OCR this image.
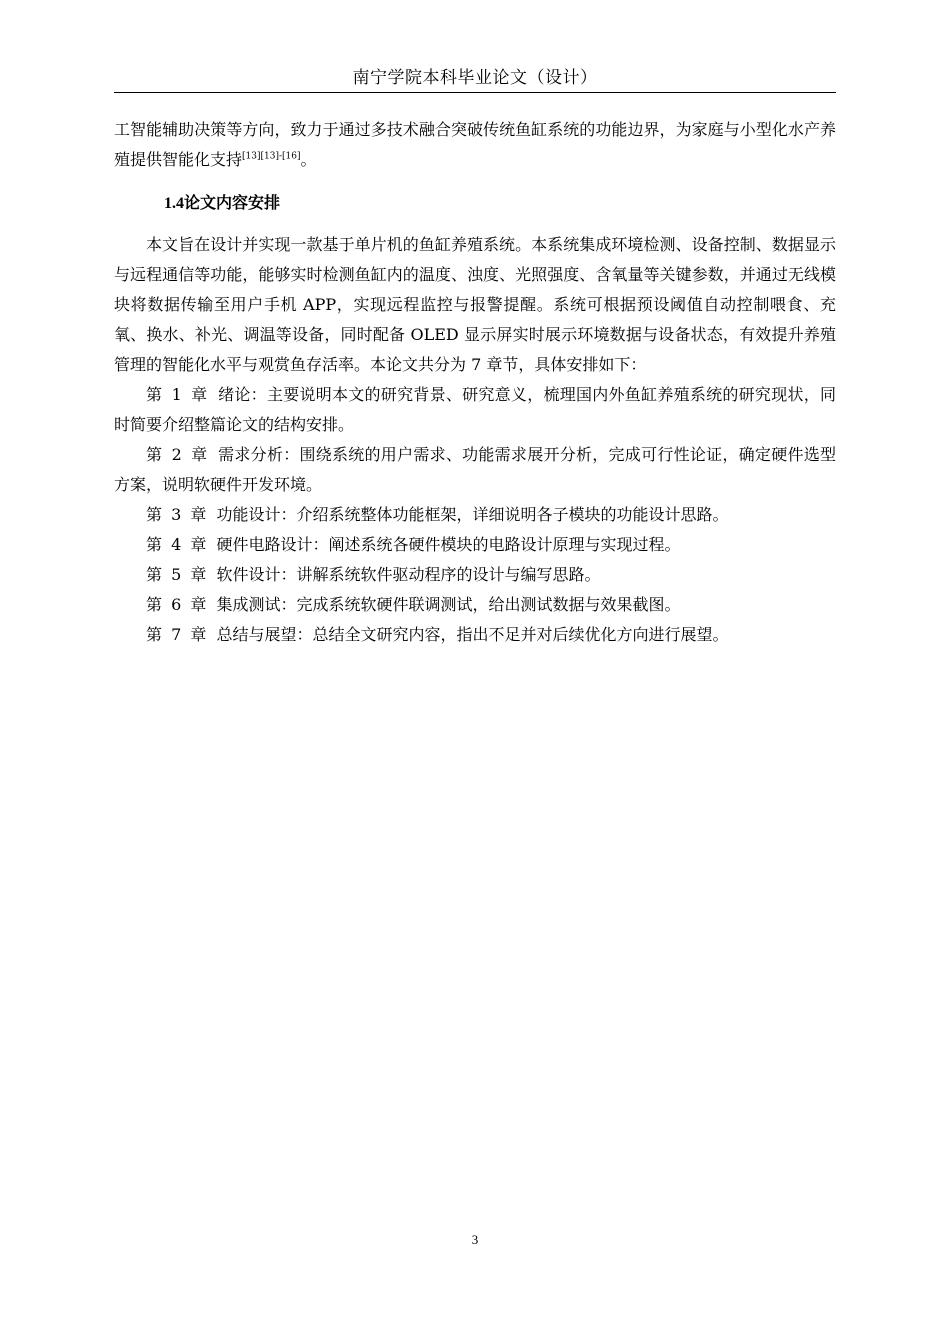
南宁学院本科毕业论文（设计）

工智能辅助决策等方向，致力于通过多技术融合突破传统鱼缸系统的功能边界，为家庭与小型化水产养殖提供智能化支持[13][13]-[16]。

1.4论文内容安排

本文旨在设计并实现一款基于单片机的鱼缸养殖系统。本系统集成环境检测、设备控制、数据显示与远程通信等功能，能够实时检测鱼缸内的温度、浊度、光照强度、含氧量等关键参数，并通过无线模块将数据传输至用户手机 APP，实现远程监控与报警提醒。系统可根据预设阈值自动控制喂食、充氧、换水、补光、调温等设备，同时配备 OLED 显示屏实时展示环境数据与设备状态，有效提升养殖管理的智能化水平与观赏鱼存活率。本论文共分为 7 章节，具体安排如下：

第 1 章 绪论：主要说明本文的研究背景、研究意义，梳理国内外鱼缸养殖系统的研究现状，同时简要介绍整篇论文的结构安排。

第 2 章 需求分析：围绕系统的用户需求、功能需求展开分析，完成可行性论证，确定硬件选型方案，说明软硬件开发环境。

第 3 章 功能设计：介绍系统整体功能框架，详细说明各子模块的功能设计思路。

第 4 章 硬件电路设计：阐述系统各硬件模块的电路设计原理与实现过程。

第 5 章 软件设计：讲解系统软件驱动程序的设计与编写思路。

第 6 章 集成测试：完成系统软硬件联调测试，给出测试数据与效果截图。

第 7 章 总结与展望：总结全文研究内容，指出不足并对后续优化方向进行展望。

3
